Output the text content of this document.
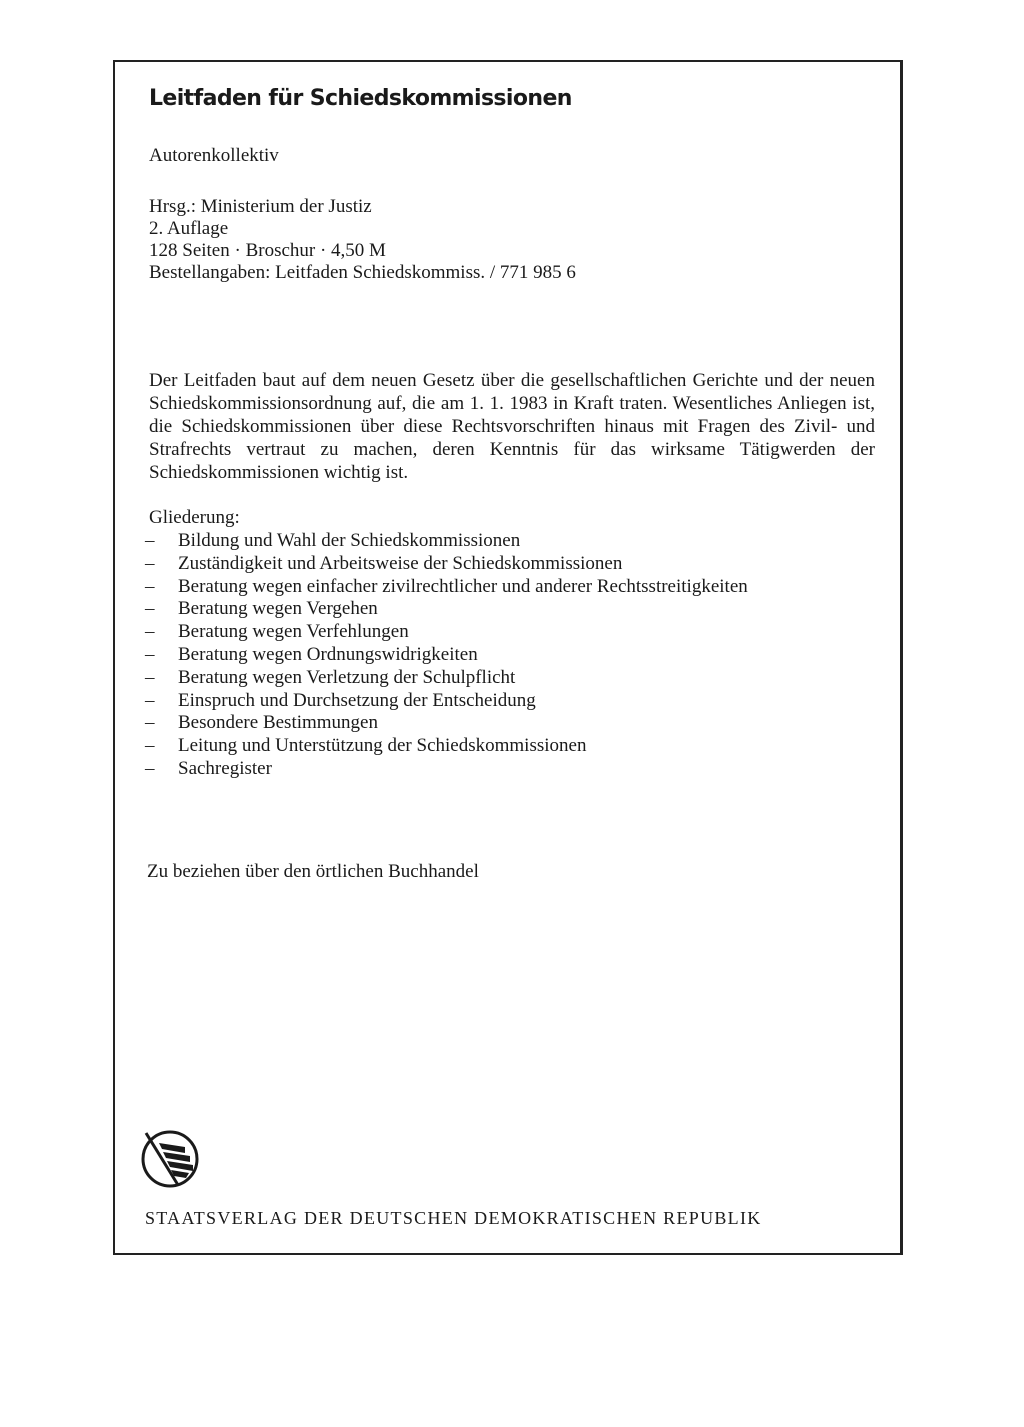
Leitfaden für Schiedskommissionen
Autorenkollektiv
Hrsg.: Ministerium der Justiz
2. Auflage
128 Seiten · Broschur · 4,50 M
Bestellangaben: Leitfaden Schiedskommiss. / 771 985 6

Der Leitfaden baut auf dem neuen Gesetz über die gesellschaftlichen Gerichte und der neuen Schiedskommissionsordnung auf, die am 1. 1. 1983 in Kraft traten. Wesentliches Anliegen ist, die Schiedskommissionen über diese Rechtsvorschriften hinaus mit Fragen des Zivil- und Strafrechts vertraut zu machen, deren Kenntnis für das wirksame Tätigwerden der Schiedskommissionen wichtig ist.

Gliederung:
– Bildung und Wahl der Schiedskommissionen
– Zuständigkeit und Arbeitsweise der Schiedskommissionen
– Beratung wegen einfacher zivilrechtlicher und anderer Rechtsstreitigkeiten
– Beratung wegen Vergehen
– Beratung wegen Verfehlungen
– Beratung wegen Ordnungswidrigkeiten
– Beratung wegen Verletzung der Schulpflicht
– Einspruch und Durchsetzung der Entscheidung
– Besondere Bestimmungen
– Leitung und Unterstützung der Schiedskommissionen
– Sachregister
Zu beziehen über den örtlichen Buchhandel
STAATSVERLAG DER DEUTSCHEN DEMOKRATISCHEN REPUBLIK
